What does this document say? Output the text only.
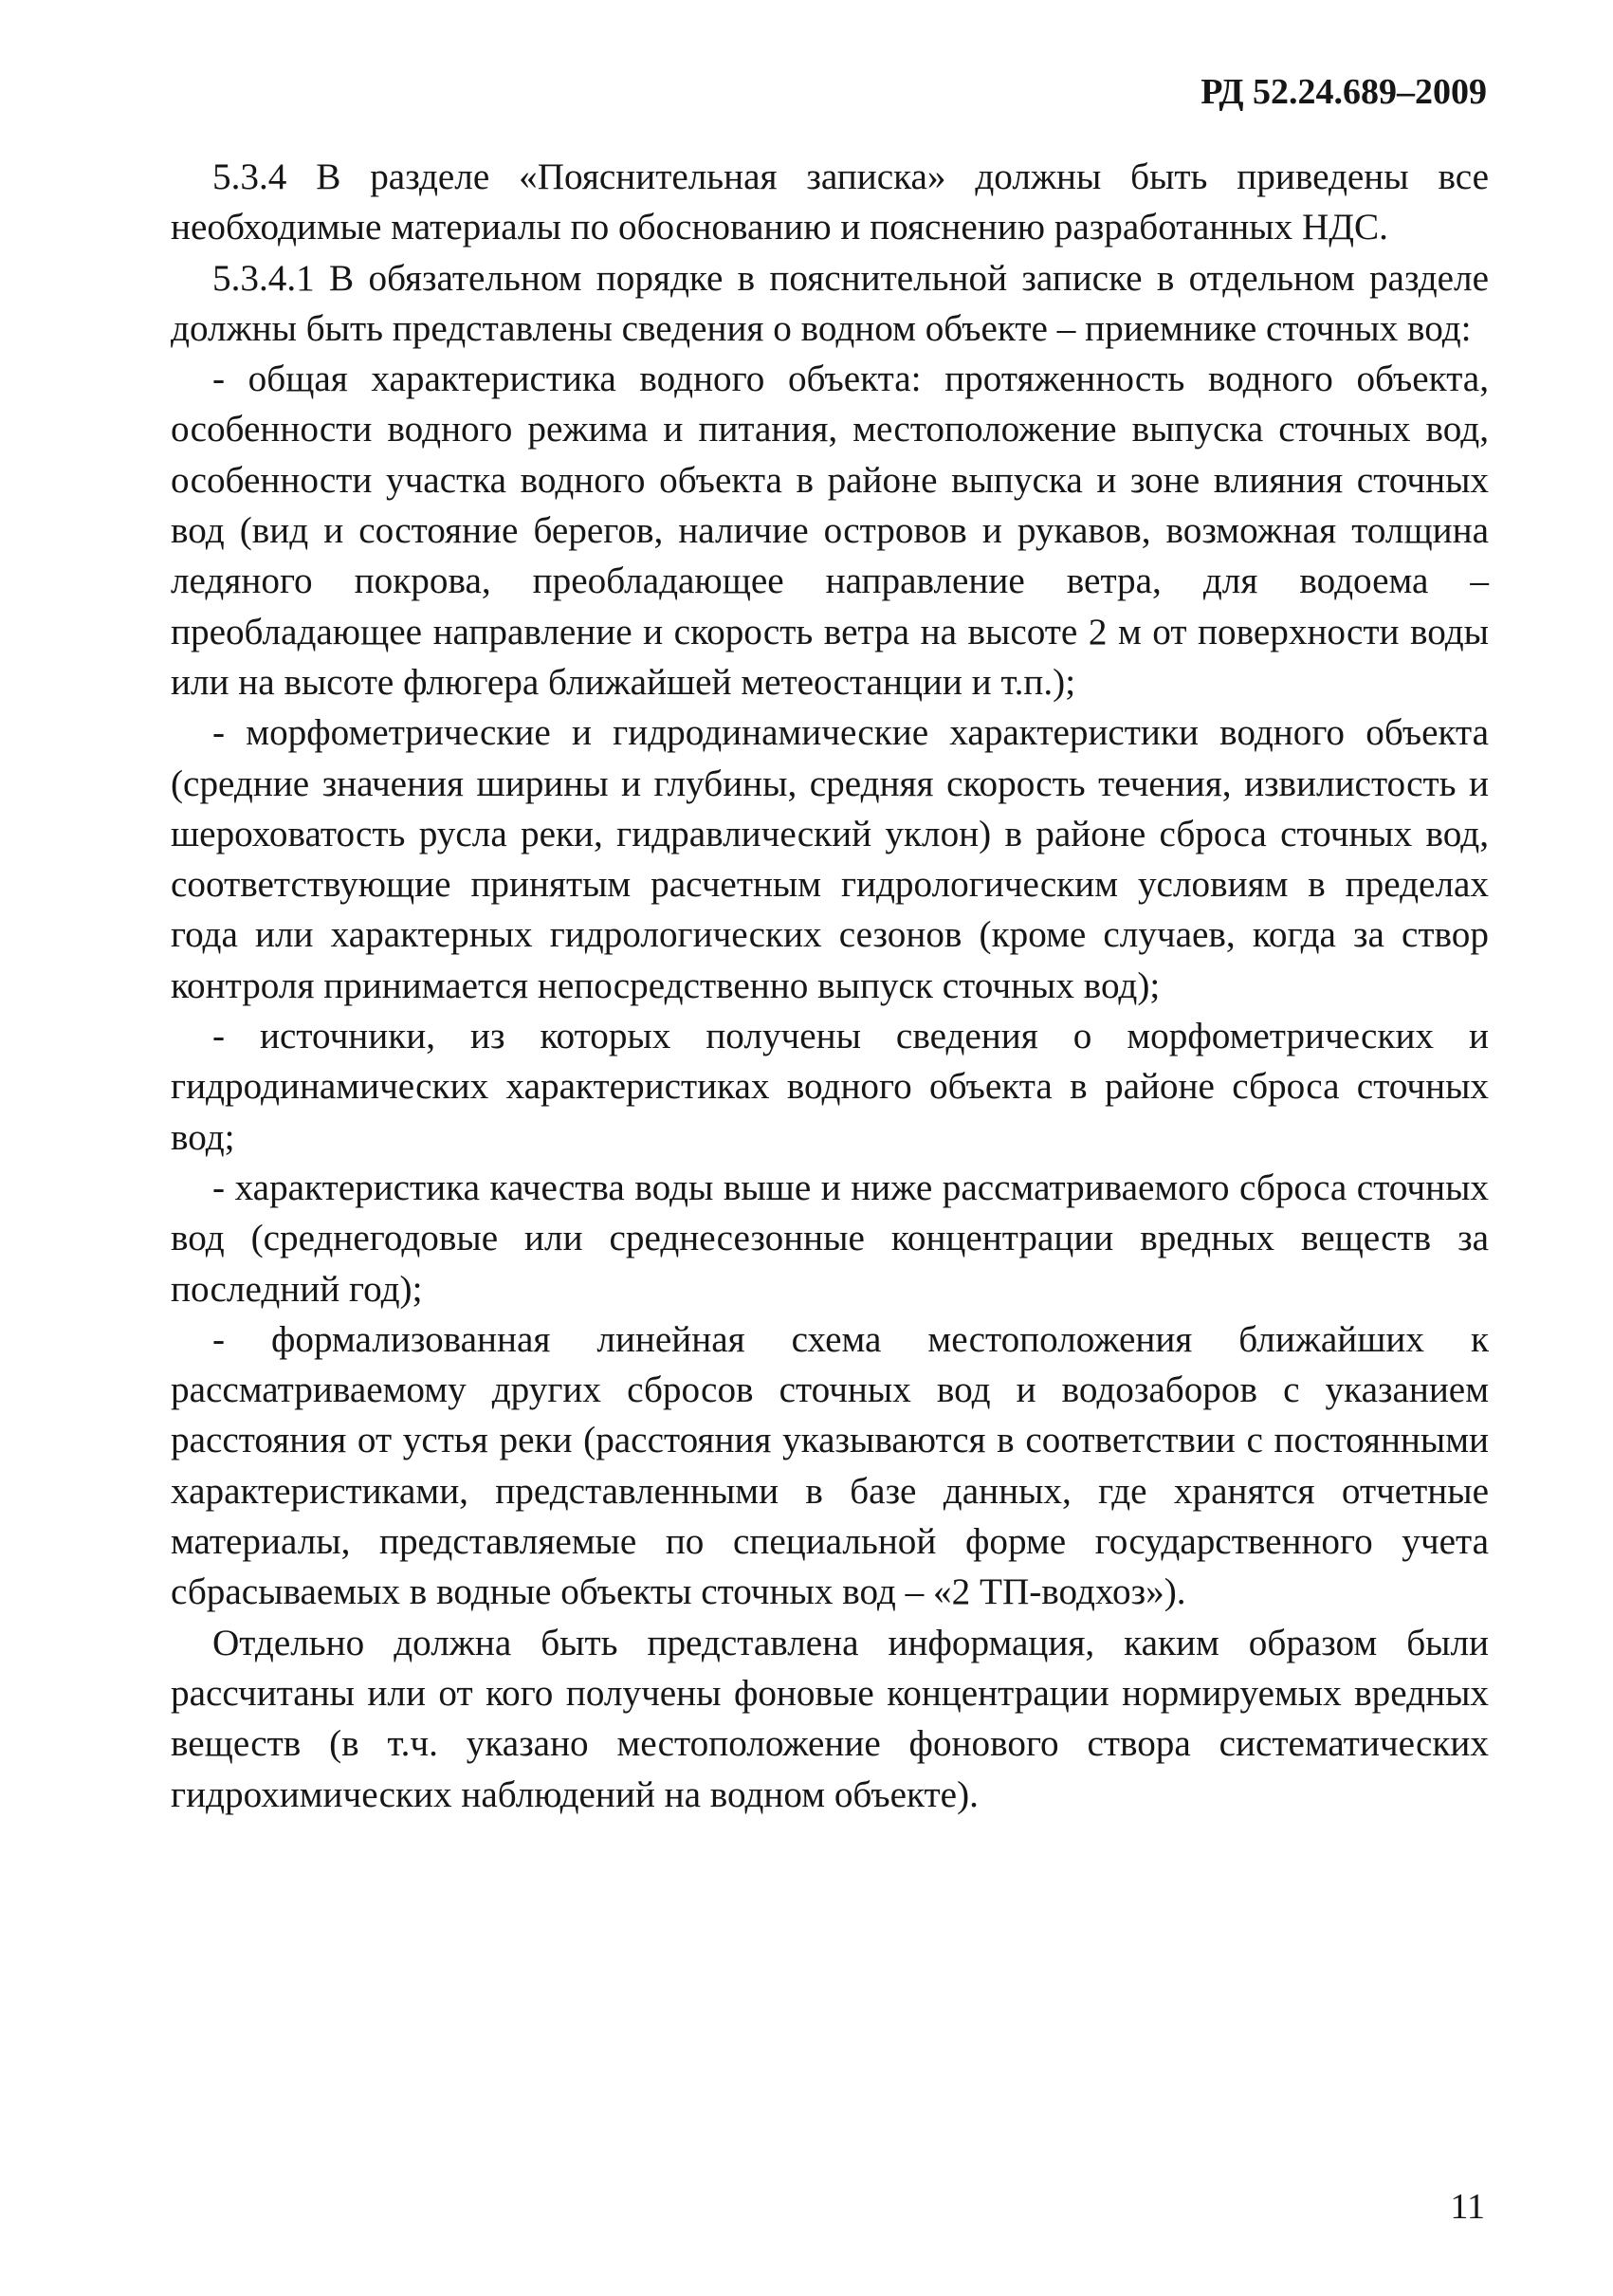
РД 52.24.689–2009

5.3.4 В разделе «Пояснительная записка» должны быть приведены все необходимые материалы по обоснованию и пояснению разработанных НДС.

5.3.4.1 В обязательном порядке в пояснительной записке в отдельном разделе должны быть представлены сведения о водном объекте – приемнике сточных вод:

- общая характеристика водного объекта: протяженность водного объекта, особенности водного режима и питания, местоположение выпуска сточных вод, особенности участка водного объекта в районе выпуска и зоне влияния сточных вод (вид и состояние берегов, наличие островов и рукавов, возможная толщина ледяного покрова, преобладающее направление ветра, для водоема – преобладающее направление и скорость ветра на высоте 2 м от поверхности воды или на высоте флюгера ближайшей метеостанции и т.п.);

- морфометрические и гидродинамические характеристики водного объекта (средние значения ширины и глубины, средняя скорость течения, извилистость и шероховатость русла реки, гидравлический уклон) в районе сброса сточных вод, соответствующие принятым расчетным гидрологическим условиям в пределах года или характерных гидрологических сезонов (кроме случаев, когда за створ контроля принимается непосредственно выпуск сточных вод);

- источники, из которых получены сведения о морфометрических и гидродинамических характеристиках водного объекта в районе сброса сточных вод;

- характеристика качества воды выше и ниже рассматриваемого сброса сточных вод (среднегодовые или среднесезонные концентрации вредных веществ за последний год);

- формализованная линейная схема местоположения ближайших к рассматриваемому других сбросов сточных вод и водозаборов с указанием расстояния от устья реки (расстояния указываются в соответствии с постоянными характеристиками, представленными в базе данных, где хранятся отчетные материалы, представляемые по специальной форме государственного учета сбрасываемых в водные объекты сточных вод – «2 ТП-водхоз»).

Отдельно должна быть представлена информация, каким образом были рассчитаны или от кого получены фоновые концентрации нормируемых вредных веществ (в т.ч. указано местоположение фонового створа систематических гидрохимических наблюдений на водном объекте).

11
